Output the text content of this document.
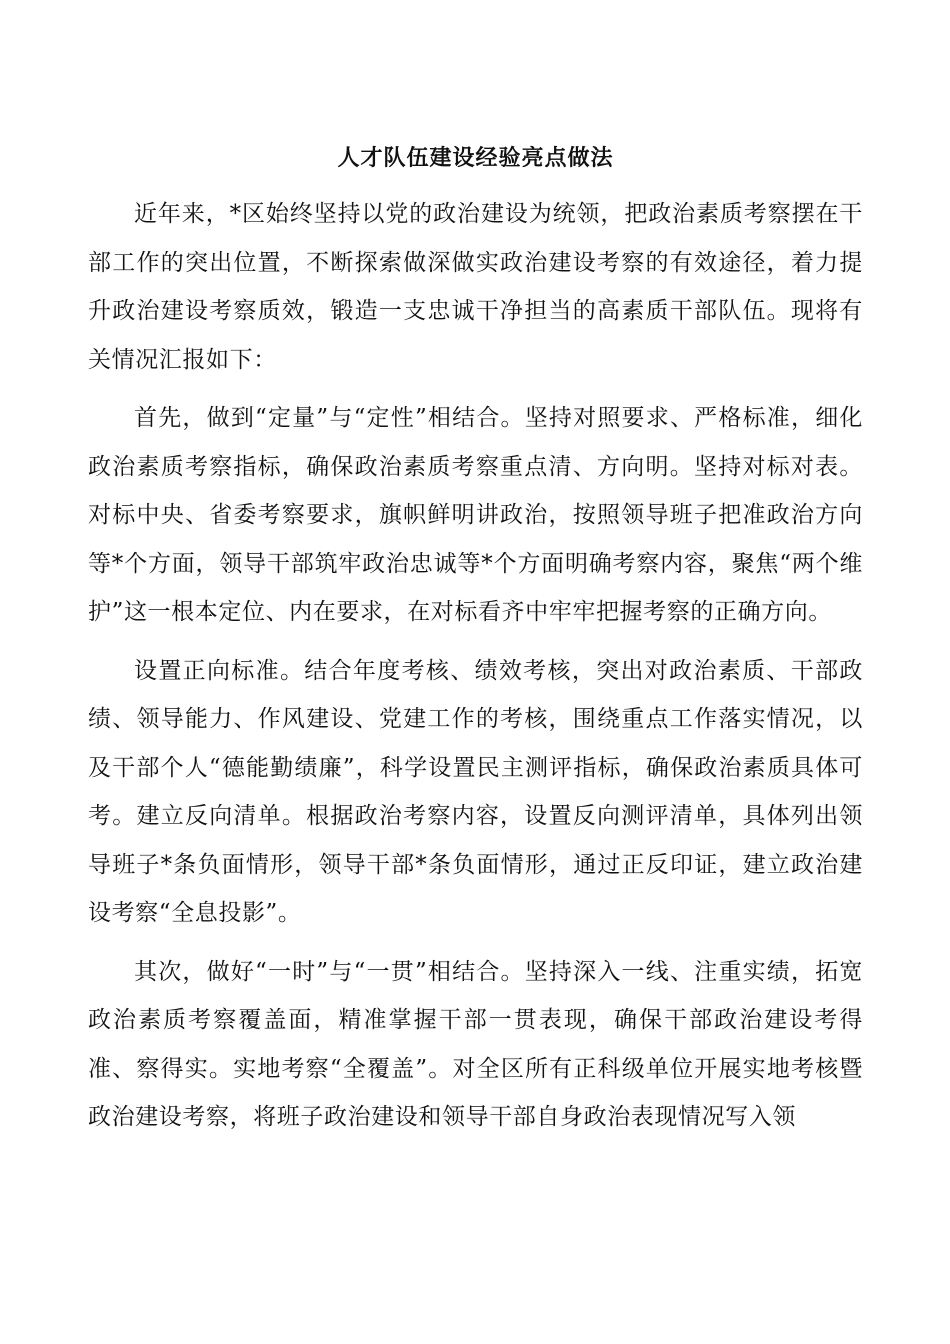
人才队伍建设经验亮点做法

近年来，*区始终坚持以党的政治建设为统领，把政治素质考察摆在干部工作的突出位置，不断探索做深做实政治建设考察的有效途径，着力提升政治建设考察质效，锻造一支忠诚干净担当的高素质干部队伍。现将有关情况汇报如下：

首先，做到“定量”与“定性”相结合。坚持对照要求、严格标准，细化政治素质考察指标，确保政治素质考察重点清、方向明。坚持对标对表。对标中央、省委考察要求，旗帜鲜明讲政治，按照领导班子把准政治方向等*个方面，领导干部筑牢政治忠诚等*个方面明确考察内容，聚焦“两个维护”这一根本定位、内在要求，在对标看齐中牢牢把握考察的正确方向。

设置正向标准。结合年度考核、绩效考核，突出对政治素质、干部政绩、领导能力、作风建设、党建工作的考核，围绕重点工作落实情况，以及干部个人“德能勤绩廉”，科学设置民主测评指标，确保政治素质具体可考。建立反向清单。根据政治考察内容，设置反向测评清单，具体列出领导班子*条负面情形，领导干部*条负面情形，通过正反印证，建立政治建设考察“全息投影”。

其次，做好“一时”与“一贯”相结合。坚持深入一线、注重实绩，拓宽政治素质考察覆盖面，精准掌握干部一贯表现，确保干部政治建设考得准、察得实。实地考察“全覆盖”。对全区所有正科级单位开展实地考核暨政治建设考察，将班子政治建设和领导干部自身政治表现情况写入领
